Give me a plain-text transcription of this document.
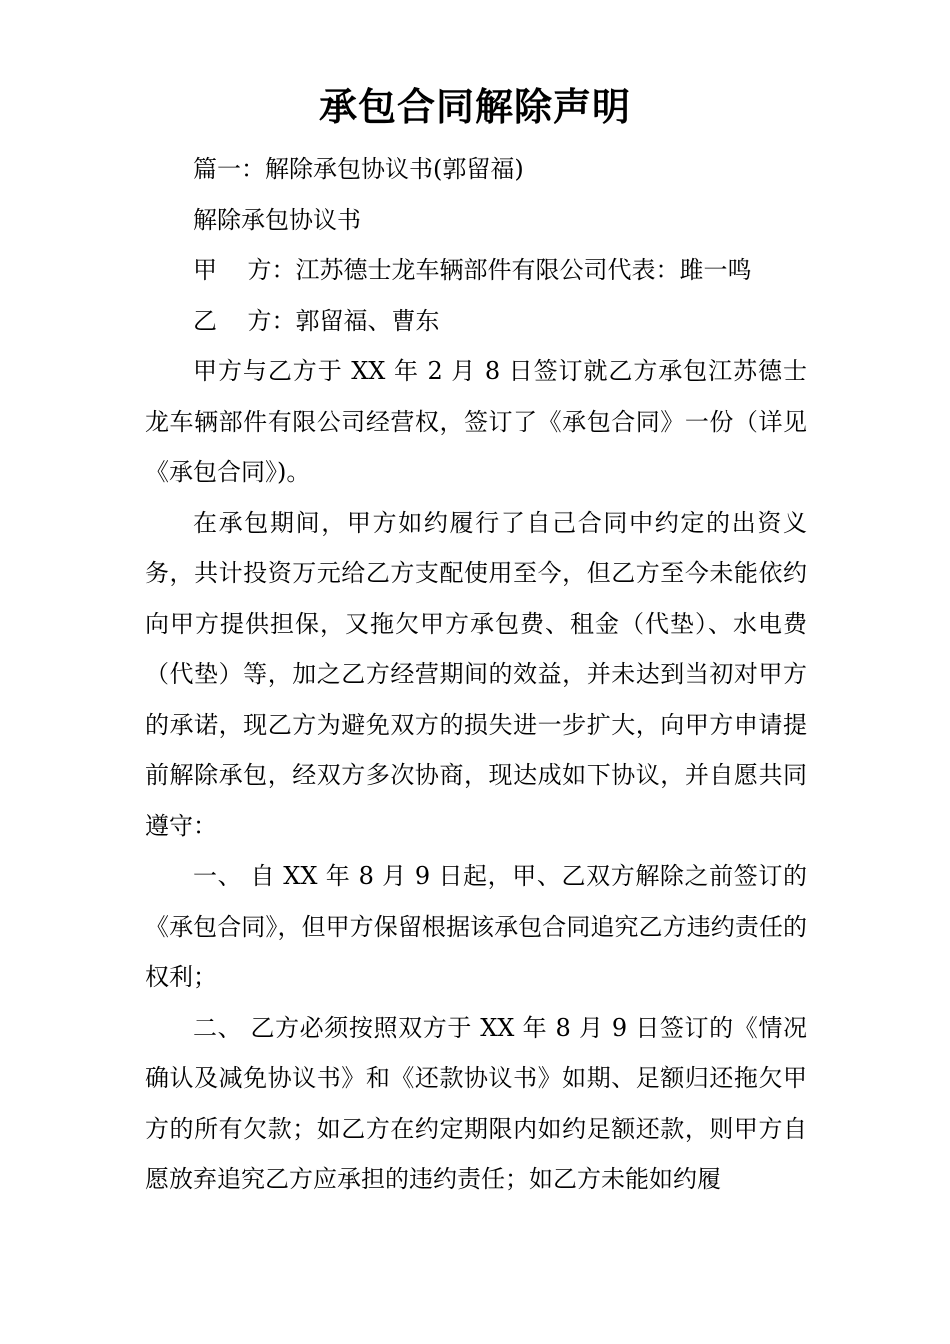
承包合同解除声明

篇一：解除承包协议书(郭留福)

解除承包协议书

甲    方：江苏德士龙车辆部件有限公司代表：雎一鸣

乙    方：郭留福、曹东

甲方与乙方于 XX 年 2 月 8 日签订就乙方承包江苏德士龙车辆部件有限公司经营权，签订了《承包合同》一份（详见《承包合同》)。

在承包期间，甲方如约履行了自己合同中约定的出资义务，共计投资万元给乙方支配使用至今，但乙方至今未能依约向甲方提供担保，又拖欠甲方承包费、租金（代垫）、水电费（代垫）等，加之乙方经营期间的效益，并未达到当初对甲方的承诺，现乙方为避免双方的损失进一步扩大，向甲方申请提前解除承包，经双方多次协商，现达成如下协议，并自愿共同遵守：

一、 自 XX 年 8 月 9 日起，甲、乙双方解除之前签订的《承包合同》，但甲方保留根据该承包合同追究乙方违约责任的权利；

二、 乙方必须按照双方于 XX 年 8 月 9 日签订的《情况确认及减免协议书》和《还款协议书》如期、足额归还拖欠甲方的所有欠款；如乙方在约定期限内如约足额还款，则甲方自愿放弃追究乙方应承担的违约责任；如乙方未能如约履
